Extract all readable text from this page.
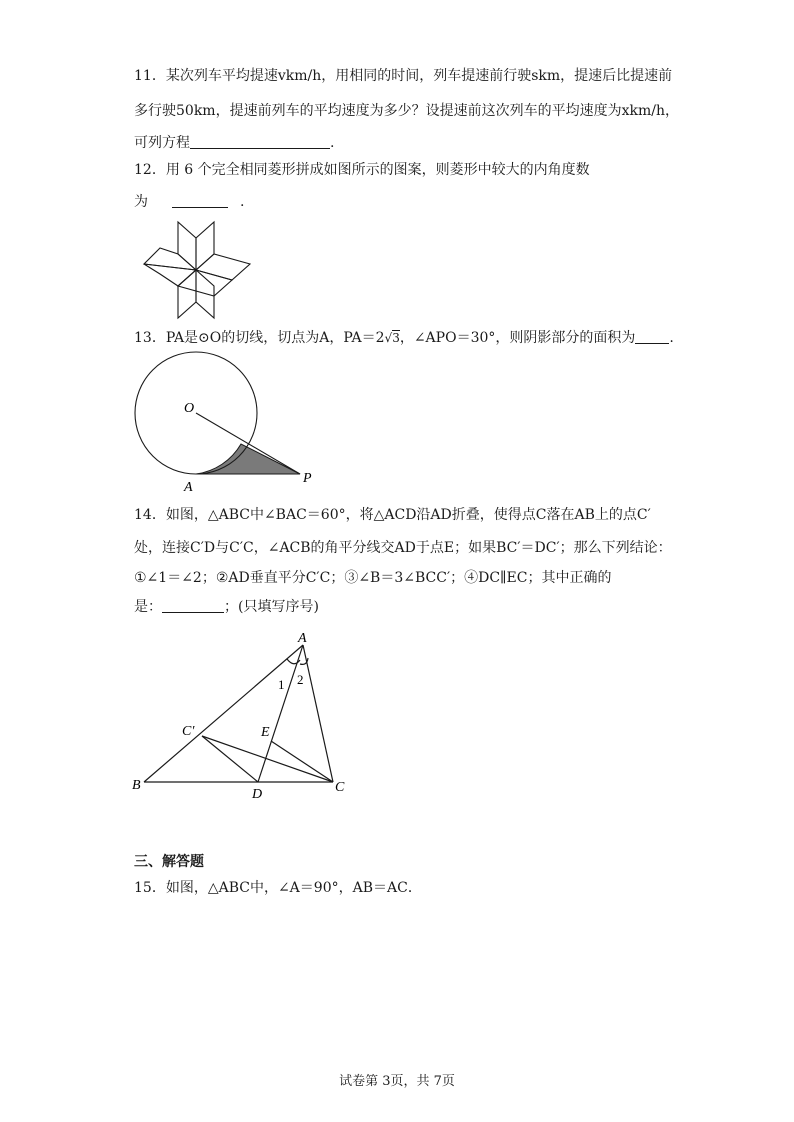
11．某次列车平均提速vkm/h，用相同的时间，列车提速前行驶skm，提速后比提速前
多行驶50km，提速前列车的平均速度为多少？设提速前这次列车的平均速度为xkm/h，
可列方程	.
12．用 6 个完全相同菱形拼成如图所示的图案，则菱形中较大的内角度数
为	.
13．PA是⊙O的切线，切点为A，PA＝2√3，∠APO＝30°，则阴影部分的面积为 .
O
A
P
14．如图，△ABC中∠BAC＝60°，将△ACD沿AD折叠，使得点C落在AB上的点C′
处，连接C′D与C′C，∠ACB的角平分线交AD于点E；如果BC′＝DC′；那么下列结论：
①∠1＝∠2；②AD垂直平分C′C；③∠B＝3∠BCC′；④DC∥EC；其中正确的
是：	；(只填写序号)
A
B	C
C′
D
E
1 2
三、解答题
15．如图，△ABC中，∠A＝90°，AB＝AC．
试卷第 3页，共 7页
